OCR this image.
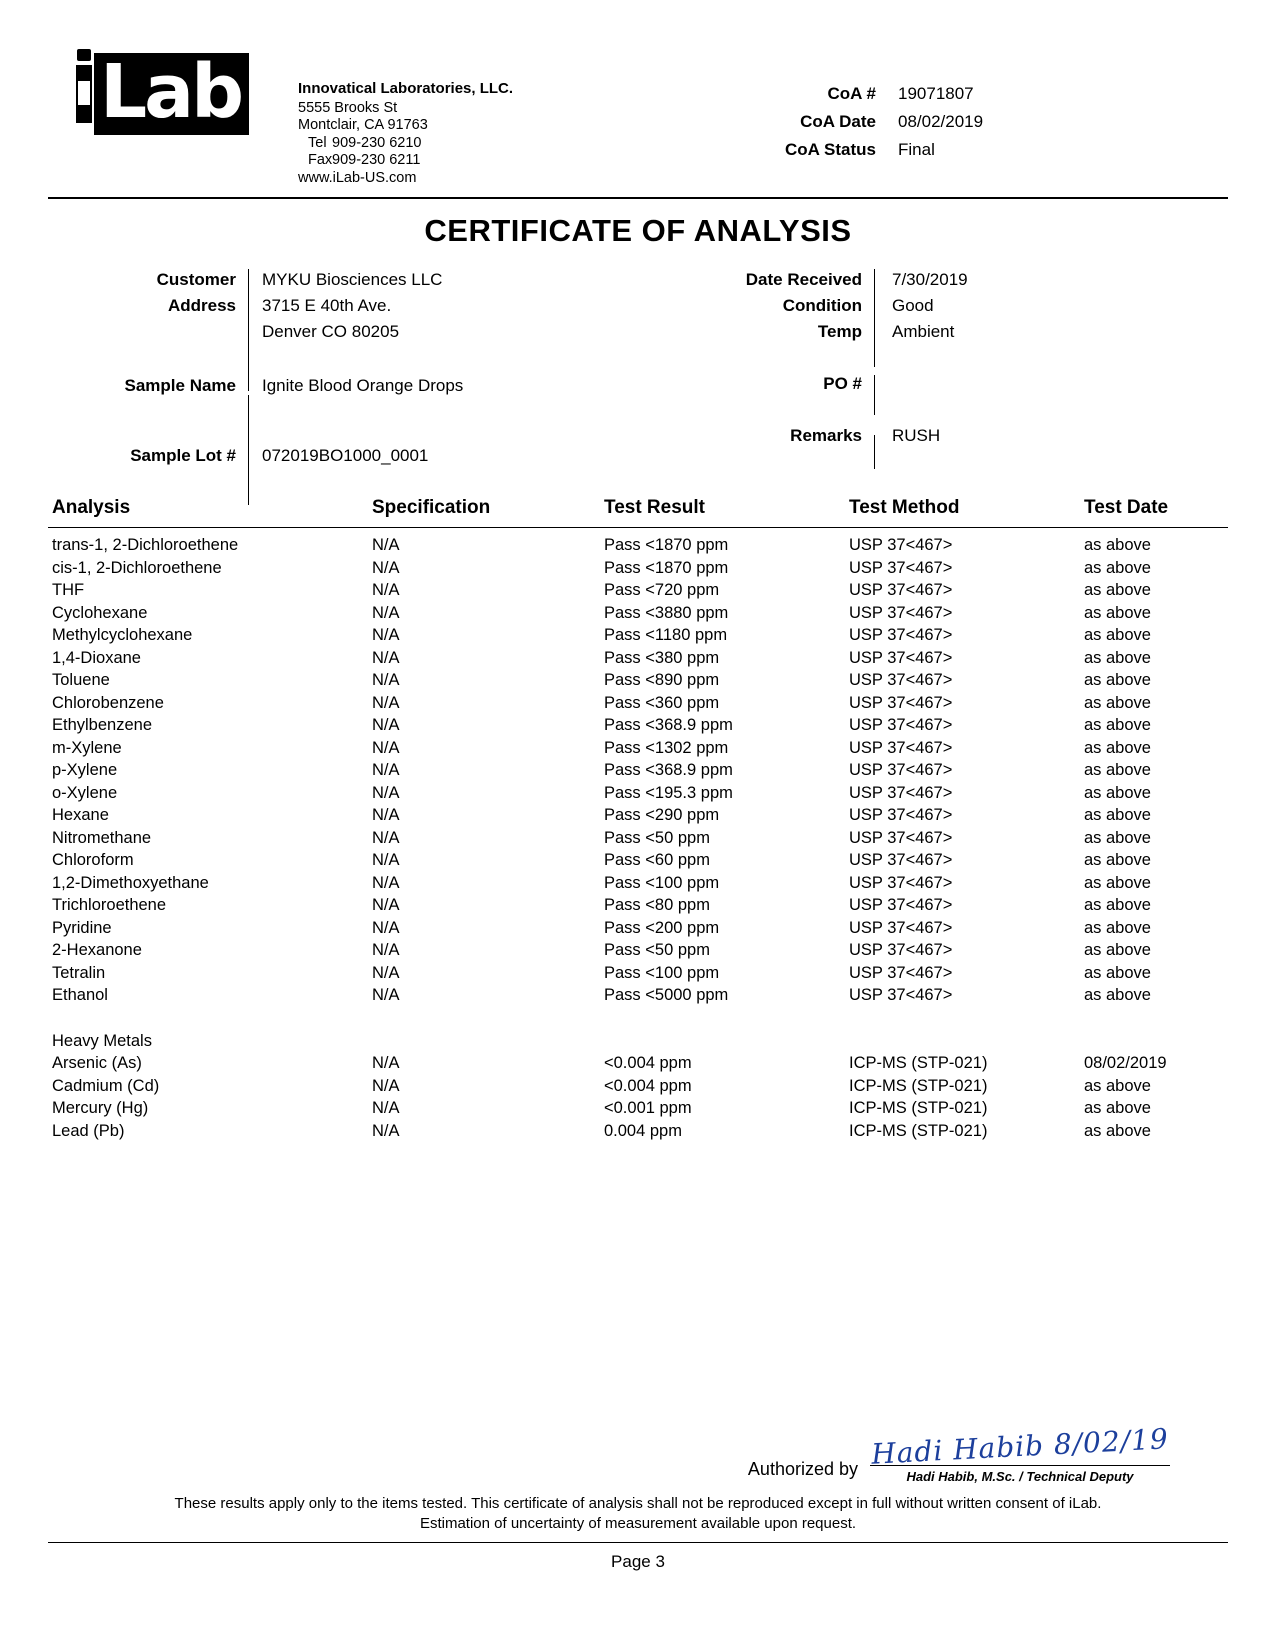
Lab	Innovatical Laboratories, LLC.
5555 Brooks St
Montclair, CA 91763
Tel 909-230 6210
Fax909-230 6211
www.iLab-US.com
CoA #	19071807
CoA Date	08/02/2019
CoA Status	Final
CERTIFICATE OF ANALYSIS
Customer	MYKU Biosciences LLC
Address	3715 E 40th Ave.
Denver CO 80205
Sample Name	Ignite Blood Orange Drops
Sample Lot #	072019BO1000_0001
Date Received	7/30/2019
Condition	Good
Temp	Ambient
PO #
Remarks	RUSH
Analysis	Specification	Test Result	Test Method	Test Date
trans-1, 2-Dichloroethene	N/A	Pass <1870 ppm	USP 37<467>	as above
cis-1, 2-Dichloroethene	N/A	Pass <1870 ppm	USP 37<467>	as above
THF	N/A	Pass <720 ppm	USP 37<467>	as above
Cyclohexane	N/A	Pass <3880 ppm	USP 37<467>	as above
Methylcyclohexane	N/A	Pass <1180 ppm	USP 37<467>	as above
1,4-Dioxane	N/A	Pass <380 ppm	USP 37<467>	as above
Toluene	N/A	Pass <890 ppm	USP 37<467>	as above
Chlorobenzene	N/A	Pass <360 ppm	USP 37<467>	as above
Ethylbenzene	N/A	Pass <368.9 ppm	USP 37<467>	as above
m-Xylene	N/A	Pass <1302 ppm	USP 37<467>	as above
p-Xylene	N/A	Pass <368.9 ppm	USP 37<467>	as above
o-Xylene	N/A	Pass <195.3 ppm	USP 37<467>	as above
Hexane	N/A	Pass <290 ppm	USP 37<467>	as above
Nitromethane	N/A	Pass <50 ppm	USP 37<467>	as above
Chloroform	N/A	Pass <60 ppm	USP 37<467>	as above
1,2-Dimethoxyethane	N/A	Pass <100 ppm	USP 37<467>	as above
Trichloroethene	N/A	Pass <80 ppm	USP 37<467>	as above
Pyridine	N/A	Pass <200 ppm	USP 37<467>	as above
2-Hexanone	N/A	Pass <50 ppm	USP 37<467>	as above
Tetralin	N/A	Pass <100 ppm	USP 37<467>	as above
Ethanol	N/A	Pass <5000 ppm	USP 37<467>	as above
Heavy Metals				
Arsenic (As)	N/A	<0.004 ppm	ICP-MS (STP-021)	08/02/2019
Cadmium (Cd)	N/A	<0.004 ppm	ICP-MS (STP-021)	as above
Mercury (Hg)	N/A	<0.001 ppm	ICP-MS (STP-021)	as above
Lead (Pb)	N/A	0.004 ppm	ICP-MS (STP-021)	as above
Authorized by Hadi Habib 8/02/19
Hadi Habib, M.Sc. / Technical Deputy
These results apply only to the items tested. This certificate of analysis shall not be reproduced except in full without written consent of iLab.
Estimation of uncertainty of measurement available upon request.
Page 3
